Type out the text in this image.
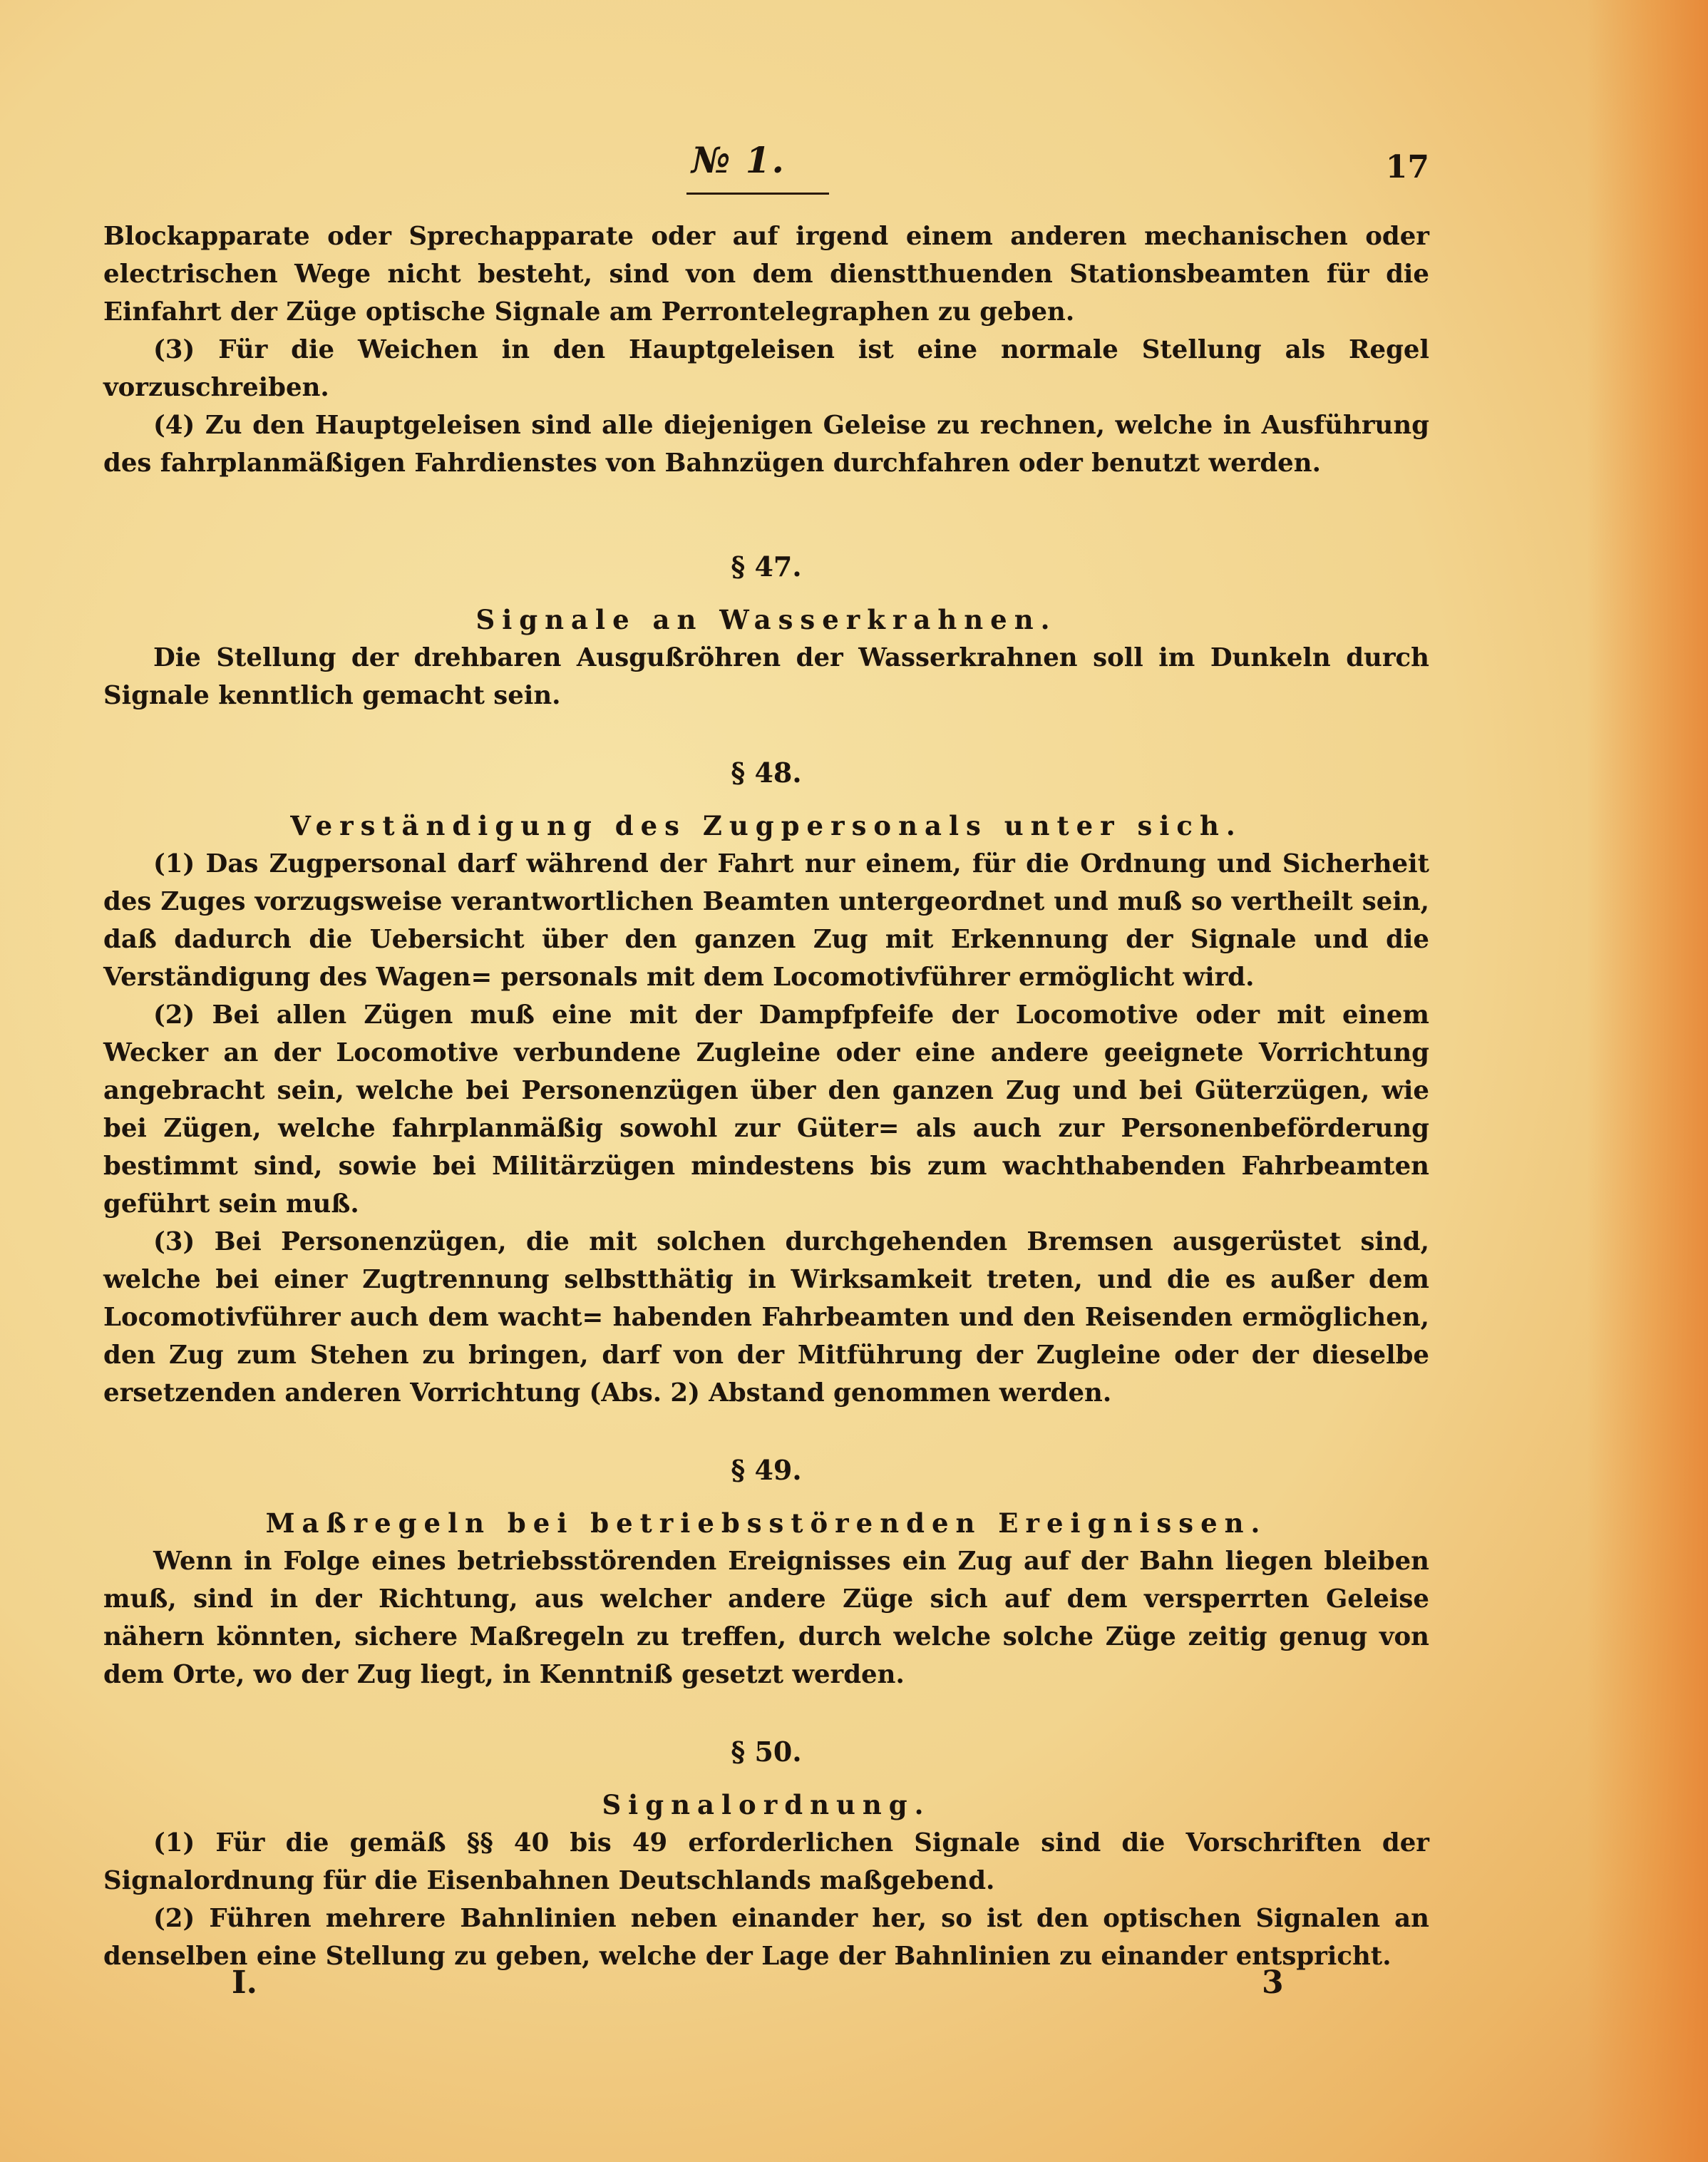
№ 1.	17

Blockapparate oder Sprechapparate oder auf irgend einem anderen mechanischen oder electrischen Wege nicht besteht, sind von dem dienstthuenden Stationsbeamten für die Einfahrt der Züge optische Signale am Perrontelegraphen zu geben.

(3) Für die Weichen in den Hauptgeleisen ist eine normale Stellung als Regel vorzuschreiben.

(4) Zu den Hauptgeleisen sind alle diejenigen Geleise zu rechnen, welche in Ausführung des fahrplanmäßigen Fahrdienstes von Bahnzügen durchfahren oder benutzt werden.

§ 47.

Signale an Wasserkrahnen.

Die Stellung der drehbaren Ausgußröhren der Wasserkrahnen soll im Dunkeln durch Signale kenntlich gemacht sein.

§ 48.

Verständigung des Zugpersonals unter sich.

(1) Das Zugpersonal darf während der Fahrt nur einem, für die Ordnung und Sicherheit des Zuges vorzugsweise verantwortlichen Beamten untergeordnet und muß so vertheilt sein, daß dadurch die Uebersicht über den ganzen Zug mit Erkennung der Signale und die Verständigung des Wagen= personals mit dem Locomotivführer ermöglicht wird.

(2) Bei allen Zügen muß eine mit der Dampfpfeife der Locomotive oder mit einem Wecker an der Locomotive verbundene Zugleine oder eine andere geeignete Vorrichtung angebracht sein, welche bei Personenzügen über den ganzen Zug und bei Güterzügen, wie bei Zügen, welche fahrplanmäßig sowohl zur Güter= als auch zur Personenbeförderung bestimmt sind, sowie bei Militärzügen mindestens bis zum wachthabenden Fahrbeamten geführt sein muß.

(3) Bei Personenzügen, die mit solchen durchgehenden Bremsen ausgerüstet sind, welche bei einer Zugtrennung selbstthätig in Wirksamkeit treten, und die es außer dem Locomotivführer auch dem wacht= habenden Fahrbeamten und den Reisenden ermöglichen, den Zug zum Stehen zu bringen, darf von der Mitführung der Zugleine oder der dieselbe ersetzenden anderen Vorrichtung (Abs. 2) Abstand genommen werden.

§ 49.

Maßregeln bei betriebsstörenden Ereignissen.

Wenn in Folge eines betriebsstörenden Ereignisses ein Zug auf der Bahn liegen bleiben muß, sind in der Richtung, aus welcher andere Züge sich auf dem versperrten Geleise nähern könnten, sichere Maßregeln zu treffen, durch welche solche Züge zeitig genug von dem Orte, wo der Zug liegt, in Kenntniß gesetzt werden.

§ 50.

Signalordnung.

(1) Für die gemäß §§ 40 bis 49 erforderlichen Signale sind die Vorschriften der Signalordnung für die Eisenbahnen Deutschlands maßgebend.

(2) Führen mehrere Bahnlinien neben einander her, so ist den optischen Signalen an denselben eine Stellung zu geben, welche der Lage der Bahnlinien zu einander entspricht.

I.	3
